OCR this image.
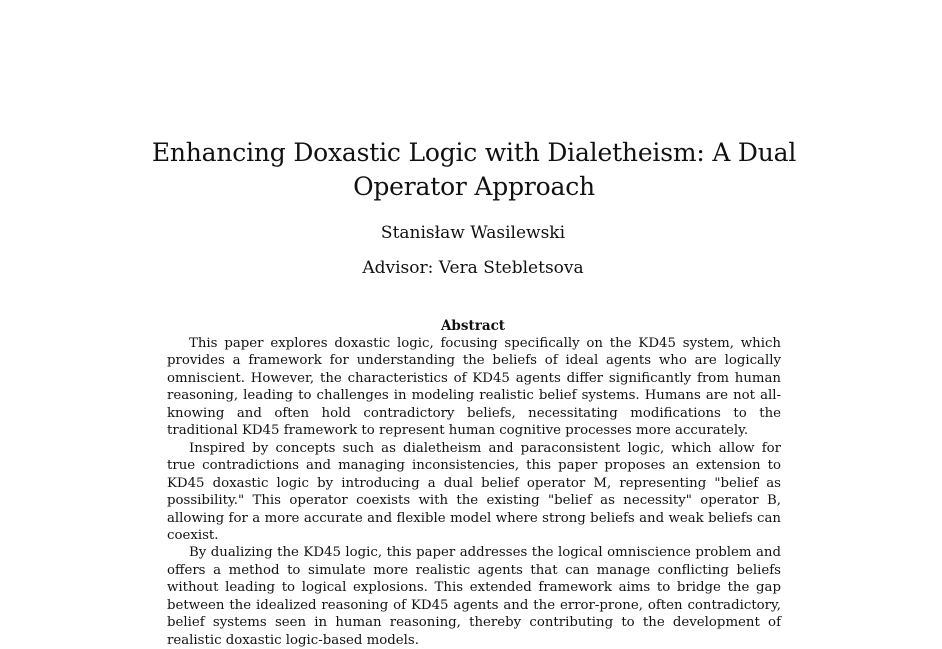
Enhancing Doxastic Logic with Dialetheism: A Dual Operator Approach
Stanisław Wasilewski
Advisor: Vera Stebletsova
Abstract

This paper explores doxastic logic, focusing specifically on the KD45 system, which provides a framework for understanding the beliefs of ideal agents who are logically omniscient. However, the characteristics of KD45 agents differ significantly from human reasoning, leading to challenges in modeling realistic belief systems. Humans are not all-knowing and often hold contradictory beliefs, necessitating modifications to the traditional KD45 framework to represent human cognitive processes more accurately.

Inspired by concepts such as dialetheism and paraconsistent logic, which allow for true contradictions and managing inconsistencies, this paper proposes an extension to KD45 doxastic logic by introducing a dual belief operator M, representing "belief as possibility." This operator coexists with the existing "belief as necessity" operator B, allowing for a more accurate and flexible model where strong beliefs and weak beliefs can coexist.

By dualizing the KD45 logic, this paper addresses the logical omniscience problem and offers a method to simulate more realistic agents that can manage conflicting beliefs without leading to logical explosions. This extended framework aims to bridge the gap between the idealized reasoning of KD45 agents and the error-prone, often contradictory, belief systems seen in human reasoning, thereby contributing to the development of realistic doxastic logic-based models.
